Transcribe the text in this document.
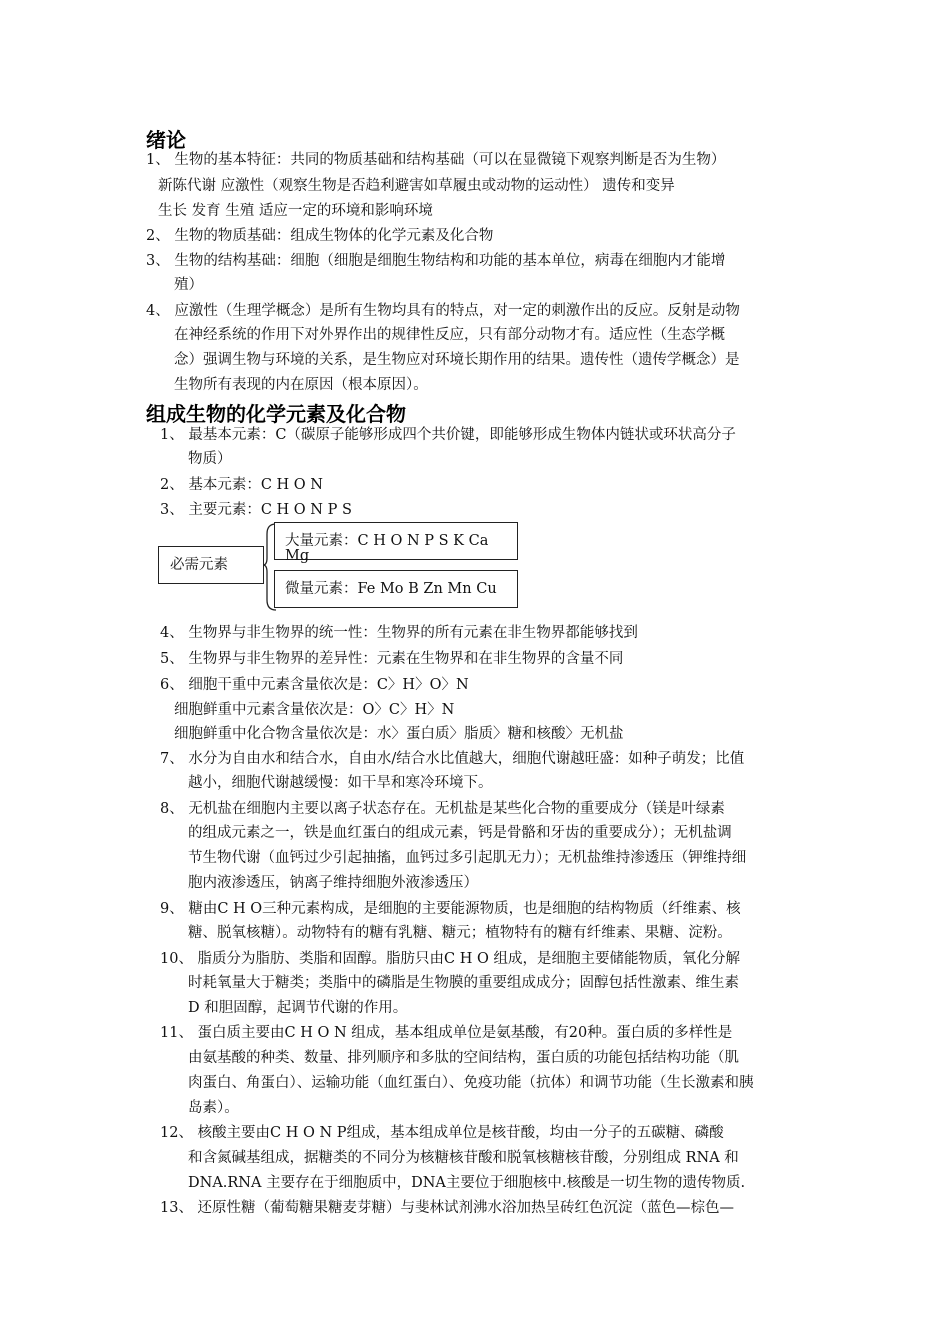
绪论
1、 生物的基本特征：共同的物质基础和结构基础（可以在显微镜下观察判断是否为生物）
新陈代谢 应激性（观察生物是否趋利避害如草履虫或动物的运动性） 遗传和变异
生长 发育 生殖 适应一定的环境和影响环境
2、 生物的物质基础：组成生物体的化学元素及化合物
3、 生物的结构基础：细胞（细胞是细胞生物结构和功能的基本单位，病毒在细胞内才能增
殖）
4、 应激性（生理学概念）是所有生物均具有的特点，对一定的刺激作出的反应。反射是动物
在神经系统的作用下对外界作出的规律性反应，只有部分动物才有。适应性（生态学概
念）强调生物与环境的关系，是生物应对环境长期作用的结果。遗传性（遗传学概念）是
生物所有表现的内在原因（根本原因）。
组成生物的化学元素及化合物
1、 最基本元素：C（碳原子能够形成四个共价键，即能够形成生物体内链状或环状高分子
物质）
2、 基本元素：C H O N
3、 主要元素：C H O N P S
必需元素
大量元素：C H O N P S K Ca
Mg
微量元素：Fe Mo B Zn Mn Cu
4、 生物界与非生物界的统一性：生物界的所有元素在非生物界都能够找到
5、 生物界与非生物界的差异性：元素在生物界和在非生物界的含量不同
6、 细胞干重中元素含量依次是：C〉H〉O〉N
细胞鲜重中元素含量依次是：O〉C〉H〉N
细胞鲜重中化合物含量依次是：水〉蛋白质〉脂质〉糖和核酸〉无机盐
7、 水分为自由水和结合水，自由水/结合水比值越大，细胞代谢越旺盛：如种子萌发；比值
越小，细胞代谢越缓慢：如干旱和寒冷环境下。
8、 无机盐在细胞内主要以离子状态存在。无机盐是某些化合物的重要成分（镁是叶绿素
的组成元素之一，铁是血红蛋白的组成元素，钙是骨骼和牙齿的重要成分）；无机盐调
节生物代谢（血钙过少引起抽搐，血钙过多引起肌无力）；无机盐维持渗透压（钾维持细
胞内液渗透压，钠离子维持细胞外液渗透压）
9、 糖由C H O三种元素构成，是细胞的主要能源物质，也是细胞的结构物质（纤维素、核
糖、脱氧核糖）。动物特有的糖有乳糖、糖元；植物特有的糖有纤维素、果糖、淀粉。
10、 脂质分为脂肪、类脂和固醇。脂肪只由C H O 组成，是细胞主要储能物质，氧化分解
时耗氧量大于糖类；类脂中的磷脂是生物膜的重要组成成分；固醇包括性激素、维生素
D 和胆固醇，起调节代谢的作用。
11、 蛋白质主要由C H O N 组成，基本组成单位是氨基酸，有20种。蛋白质的多样性是
由氨基酸的种类、数量、排列顺序和多肽的空间结构，蛋白质的功能包括结构功能（肌
肉蛋白、角蛋白）、运输功能（血红蛋白）、免疫功能（抗体）和调节功能（生长激素和胰
岛素）。
12、 核酸主要由C H O N P组成，基本组成单位是核苷酸，均由一分子的五碳糖、磷酸
和含氮碱基组成，据糖类的不同分为核糖核苷酸和脱氧核糖核苷酸，分别组成 RNA 和
DNA.RNA 主要存在于细胞质中，DNA主要位于细胞核中.核酸是一切生物的遗传物质.
13、 还原性糖（葡萄糖果糖麦芽糖）与斐林试剂沸水浴加热呈砖红色沉淀（蓝色—棕色—
